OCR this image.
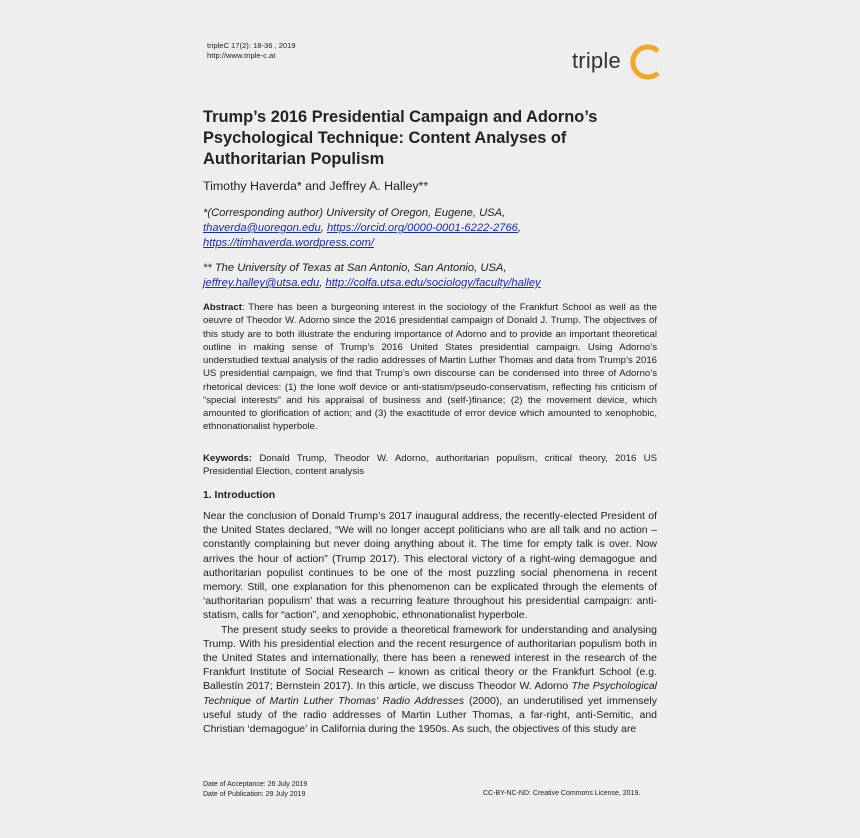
tripleC 17(2): 18-36 , 2019
http://www.triple-c.at	triple
Trump’s 2016 Presidential Campaign and Adorno’s Psychological Technique: Content Analyses of Authoritarian Populism
Timothy Haverda* and Jeffrey A. Halley**
*(Corresponding author) University of Oregon, Eugene, USA,
thaverda@uoregon.edu, https://orcid.org/0000-0001-6222-2766,
https://timhaverda.wordpress.com/
** The University of Texas at San Antonio, San Antonio, USA,
jeffrey.halley@utsa.edu, http://colfa.utsa.edu/sociology/faculty/halley
Abstract: There has been a burgeoning interest in the sociology of the Frankfurt School as well as the oeuvre of Theodor W. Adorno since the 2016 presidential campaign of Donald J. Trump. The objectives of this study are to both illustrate the enduring importance of Adorno and to provide an important theoretical outline in making sense of Trump’s 2016 United States presidential campaign. Using Adorno’s understudied textual analysis of the radio addresses of Martin Luther Thomas and data from Trump’s 2016 US presidential campaign, we find that Trump’s own discourse can be condensed into three of Adorno’s rhetorical devices: (1) the lone wolf device or anti-statism/pseudo-conservatism, reflecting his criticism of “special interests” and his appraisal of business and (self-)finance; (2) the movement device, which amounted to glorification of action; and (3) the exactitude of error device which amounted to xenophobic, ethnonationalist hyperbole.
Keywords: Donald Trump, Theodor W. Adorno, authoritarian populism, critical theory, 2016 US Presidential Election, content analysis
1. Introduction

Near the conclusion of Donald Trump’s 2017 inaugural address, the recently-elected President of the United States declared, “We will no longer accept politicians who are all talk and no action – constantly complaining but never doing anything about it. The time for empty talk is over. Now arrives the hour of action” (Trump 2017). This electoral victory of a right-wing demagogue and authoritarian populist continues to be one of the most puzzling social phenomena in recent memory. Still, one explanation for this phenomenon can be explicated through the elements of ‘authoritarian populism’ that was a recurring feature throughout his presidential campaign: anti-statism, calls for “action”, and xenophobic, ethnonationalist hyperbole.

The present study seeks to provide a theoretical framework for understanding and analysing Trump. With his presidential election and the recent resurgence of authoritarian populism both in the United States and internationally, there has been a renewed interest in the research of the Frankfurt Institute of Social Research – known as critical theory or the Frankfurt School (e.g. Ballestín 2017; Bernstein 2017). In this article, we discuss Theodor W. Adorno The Psychological Technique of Martin Luther Thomas’ Radio Addresses (2000), an underutilised yet immensely useful study of the radio addresses of Martin Luther Thomas, a far-right, anti-Semitic, and Christian ‘demagogue’ in California during the 1950s. As such, the objectives of this study are

Date of Acceptance: 26 July 2019
Date of Publication: 29 July 2019	CC-BY-NC-ND: Creative Commons License, 2019.
